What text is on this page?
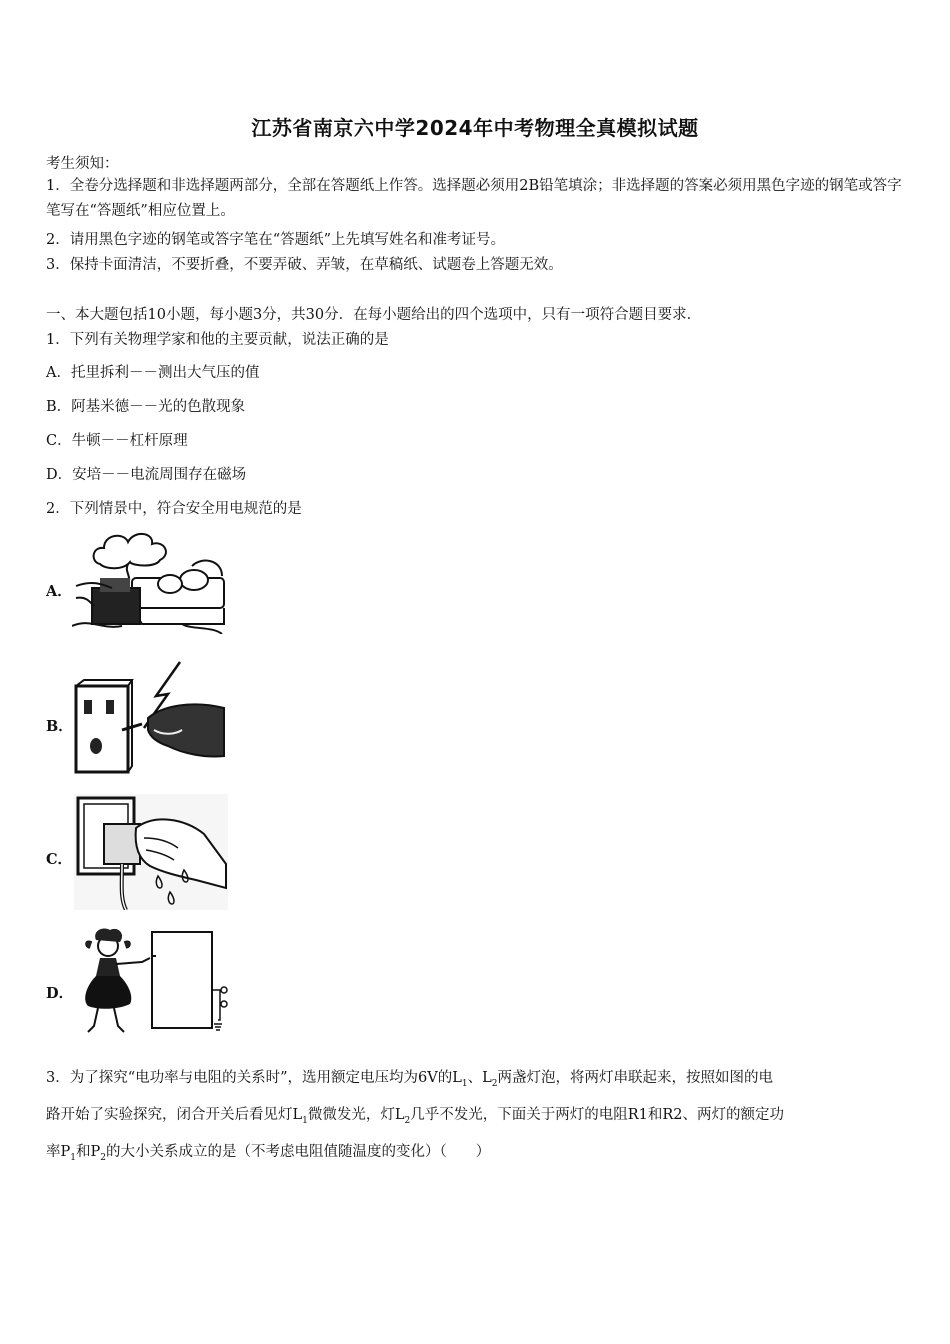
江苏省南京六中学2024年中考物理全真模拟试题
考生须知：
1．全卷分选择题和非选择题两部分，全部在答题纸上作答。选择题必须用2B铅笔填涂；非选择题的答案必须用黑色字迹的钢笔或答字笔写在“答题纸”相应位置上。
2．请用黑色字迹的钢笔或答字笔在“答题纸”上先填写姓名和准考证号。
3．保持卡面清洁，不要折叠，不要弄破、弄皱，在草稿纸、试题卷上答题无效。
一、本大题包括10小题，每小题3分，共30分．在每小题给出的四个选项中，只有一项符合题目要求．
1．下列有关物理学家和他的主要贡献，说法正确的是
A．托里拆利－－测出大气压的值
B．阿基米德－－光的色散现象
C．牛顿－－杠杆原理
D．安培－－电流周围存在磁场
2．下列情景中，符合安全用电规范的是
A．
B．
C．
D．
3．为了探究“电功率与电阻的关系时”，选用额定电压均为6V的$L_1$、$L_2$两盏灯泡，将两灯串联起来，按照如图的电
路开始了实验探究，闭合开关后看见灯$L_1$微微发光，灯$L_2$几乎不发光，下面关于两灯的电阻R1和R2、两灯的额定功
率$P_1$和$P_2$的大小关系成立的是（不考虑电阻值随温度的变化）（　　）
